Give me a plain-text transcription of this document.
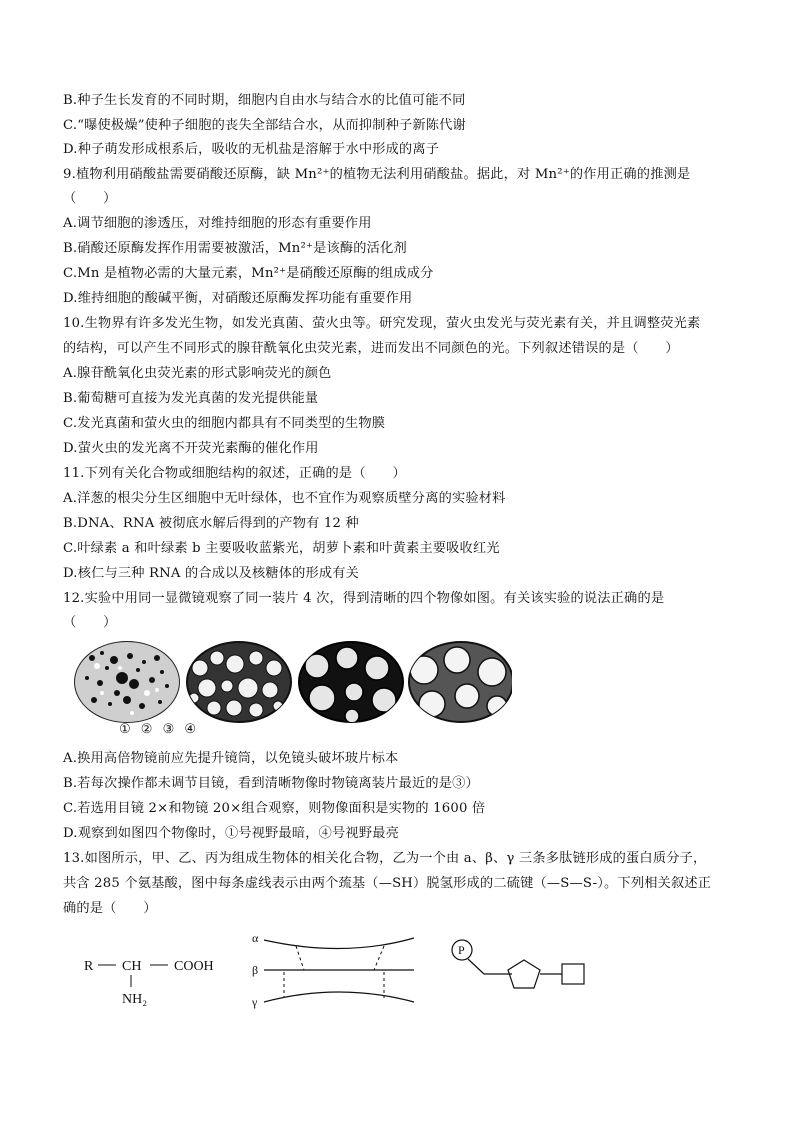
B.种子生长发育的不同时期，细胞内自由水与结合水的比值可能不同
C.“曝使极燥”使种子细胞的丧失全部结合水，从而抑制种子新陈代谢
D.种子萌发形成根系后，吸收的无机盐是溶解于水中形成的离子
9.植物利用硝酸盐需要硝酸还原酶，缺 Mn²⁺的植物无法利用硝酸盐。据此，对 Mn²⁺的作用正确的推测是
（　　）
A.调节细胞的渗透压，对维持细胞的形态有重要作用
B.硝酸还原酶发挥作用需要被激活，Mn²⁺是该酶的活化剂
C.Mn 是植物必需的大量元素，Mn²⁺是硝酸还原酶的组成成分
D.维持细胞的酸碱平衡，对硝酸还原酶发挥功能有重要作用
10.生物界有许多发光生物，如发光真菌、萤火虫等。研究发现，萤火虫发光与荧光素有关，并且调整荧光素
的结构，可以产生不同形式的腺苷酰氧化虫荧光素，进而发出不同颜色的光。下列叙述错误的是（　　）
A.腺苷酰氧化虫荧光素的形式影响荧光的颜色
B.葡萄糖可直接为发光真菌的发光提供能量
C.发光真菌和萤火虫的细胞内都具有不同类型的生物膜
D.萤火虫的发光离不开荧光素酶的催化作用
11.下列有关化合物或细胞结构的叙述，正确的是（　　）
A.洋葱的根尖分生区细胞中无叶绿体，也不宜作为观察质壁分离的实验材料
B.DNA、RNA 被彻底水解后得到的产物有 12 种
C.叶绿素 a 和叶绿素 b 主要吸收蓝紫光，胡萝卜素和叶黄素主要吸收红光
D.核仁与三种 RNA 的合成以及核糖体的形成有关
12.实验中用同一显微镜观察了同一装片 4 次，得到清晰的四个物像如图。有关该实验的说法正确的是
（　　）
① ② ③ ④
A.换用高倍物镜前应先提升镜筒，以免镜头破坏玻片标本
B.若每次操作都未调节目镜，看到清晰物像时物镜离装片最近的是③）
C.若选用目镜 2×和物镜 20×组合观察，则物像面积是实物的 1600 倍
D.观察到如图四个物像时，①号视野最暗，④号视野最亮
13.如图所示，甲、乙、丙为组成生物体的相关化合物，乙为一个由 a、β、γ 三条多肽链形成的蛋白质分子，
共含 285 个氨基酸，图中每条虚线表示由两个巯基（—SH）脱氢形成的二硫键（—S—S-）。下列相关叙述正
确的是（　　）
R CH COOH
NH₂
α
β
γ
P
